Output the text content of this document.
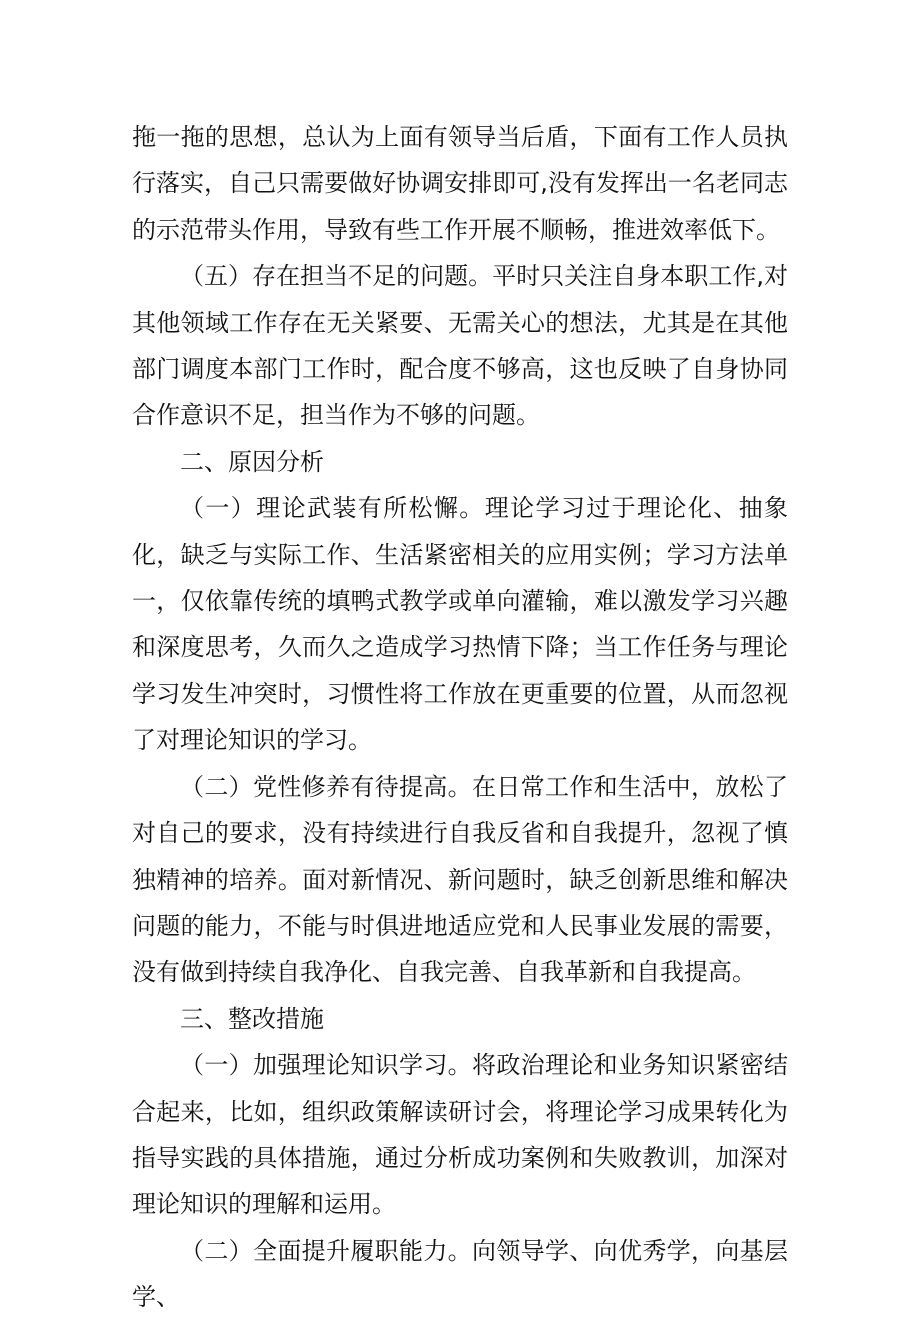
拖一拖的思想，总认为上面有领导当后盾，下面有工作人员执行落实，自己只需要做好协调安排即可,没有发挥出一名老同志的示范带头作用，导致有些工作开展不顺畅，推进效率低下。

（五）存在担当不足的问题。平时只关注自身本职工作,对其他领域工作存在无关紧要、无需关心的想法，尤其是在其他部门调度本部门工作时，配合度不够高，这也反映了自身协同合作意识不足，担当作为不够的问题。

二、原因分析

（一）理论武装有所松懈。理论学习过于理论化、抽象化，缺乏与实际工作、生活紧密相关的应用实例；学习方法单一，仅依靠传统的填鸭式教学或单向灌输，难以激发学习兴趣和深度思考，久而久之造成学习热情下降；当工作任务与理论学习发生冲突时，习惯性将工作放在更重要的位置，从而忽视了对理论知识的学习。

（二）党性修养有待提高。在日常工作和生活中，放松了对自己的要求，没有持续进行自我反省和自我提升，忽视了慎独精神的培养。面对新情况、新问题时，缺乏创新思维和解决问题的能力，不能与时俱进地适应党和人民事业发展的需要，没有做到持续自我净化、自我完善、自我革新和自我提高。

三、整改措施

（一）加强理论知识学习。将政治理论和业务知识紧密结合起来，比如，组织政策解读研讨会，将理论学习成果转化为指导实践的具体措施，通过分析成功案例和失败教训，加深对理论知识的理解和运用。

（二）全面提升履职能力。向领导学、向优秀学，向基层学、
